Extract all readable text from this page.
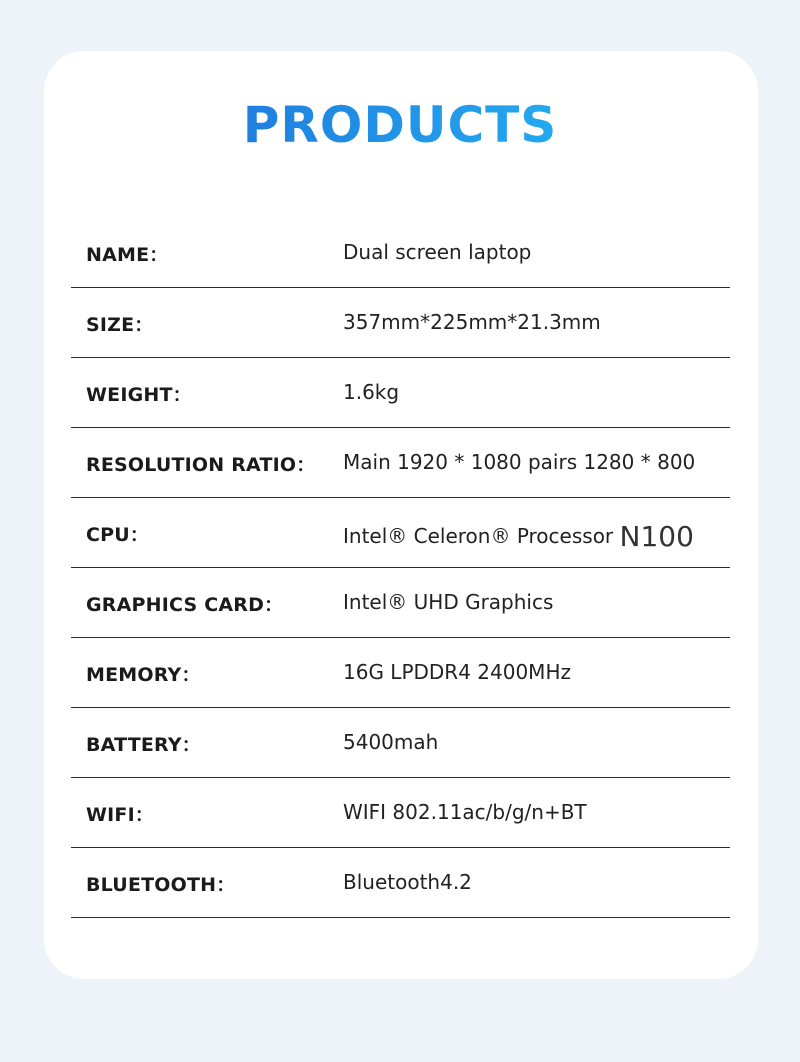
PRODUCTS
NAME：	Dual screen laptop
SIZE：	357mm*225mm*21.3mm
WEIGHT：	1.6kg
RESOLUTION RATIO： Main 1920 * 1080 pairs 1280 * 800
CPU：	Intel® Celeron® Processor N100
GRAPHICS CARD：	Intel® UHD Graphics
MEMORY：	16G LPDDR4 2400MHz
BATTERY：	5400mah
WIFI：	WIFI 802.11ac/b/g/n+BT
BLUETOOTH：	Bluetooth4.2
